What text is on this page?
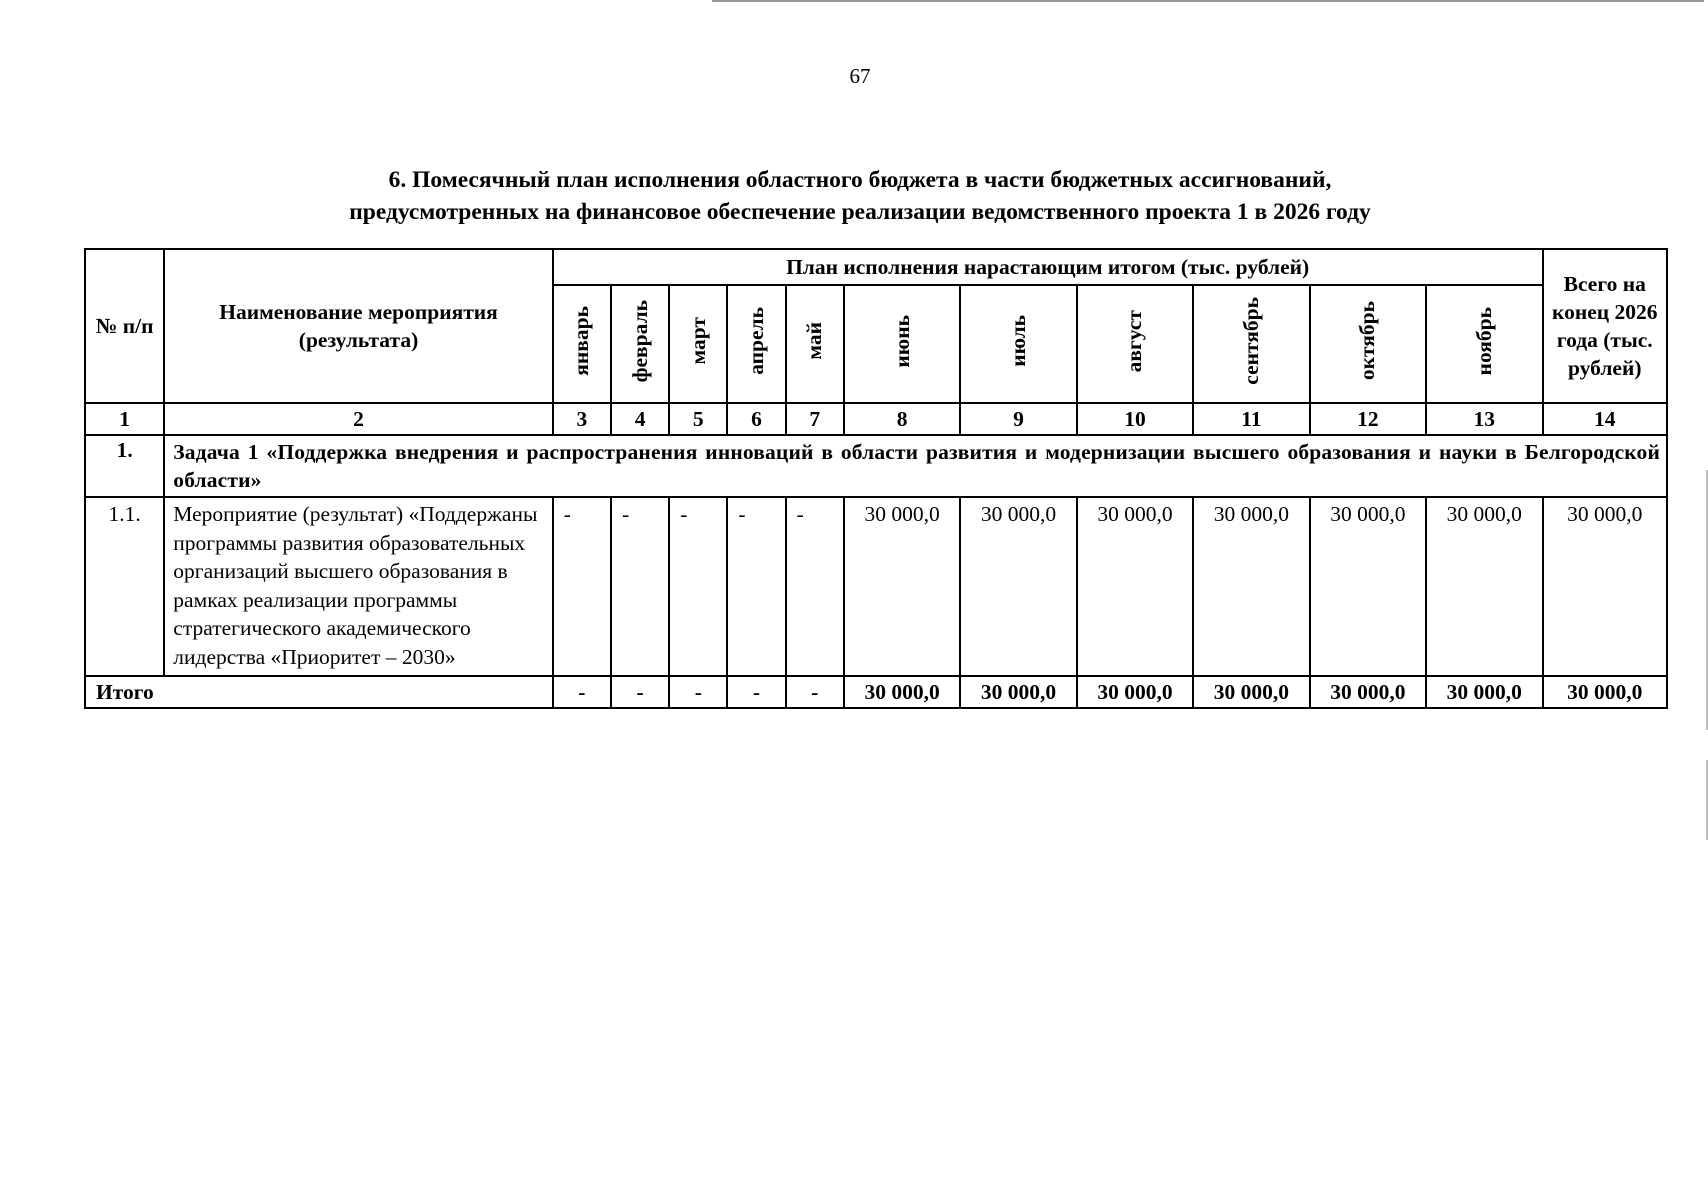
67
6. Помесячный план исполнения областного бюджета в части бюджетных ассигнований,
предусмотренных на финансовое обеспечение реализации ведомственного проекта 1 в 2026 году
№ п/п	Наименование мероприятия (результата)	План исполнения нарастающим итогом (тыс. рублей)											Всего на конец 2026 года (тыс. рублей)
		январь	февраль	март	апрель	май	июнь	июль	август	сентябрь	октябрь	ноябрь	
1	2	3	4	5	6	7	8	9	10	11	12	13	14
1.	Задача 1 «Поддержка внедрения и распространения инноваций в области развития и модернизации высшего образования и науки в Белгородской области»												
1.1.	Мероприятие (результат) «Поддержаны программы развития образовательных организаций высшего образования в рамках реализации программы стратегического академического лидерства «Приоритет – 2030»	-	-	-	-	-	30 000,0	30 000,0	30 000,0	30 000,0	30 000,0	30 000,0	30 000,0
Итого		-	-	-	-	-	30 000,0	30 000,0	30 000,0	30 000,0	30 000,0	30 000,0	30 000,0
